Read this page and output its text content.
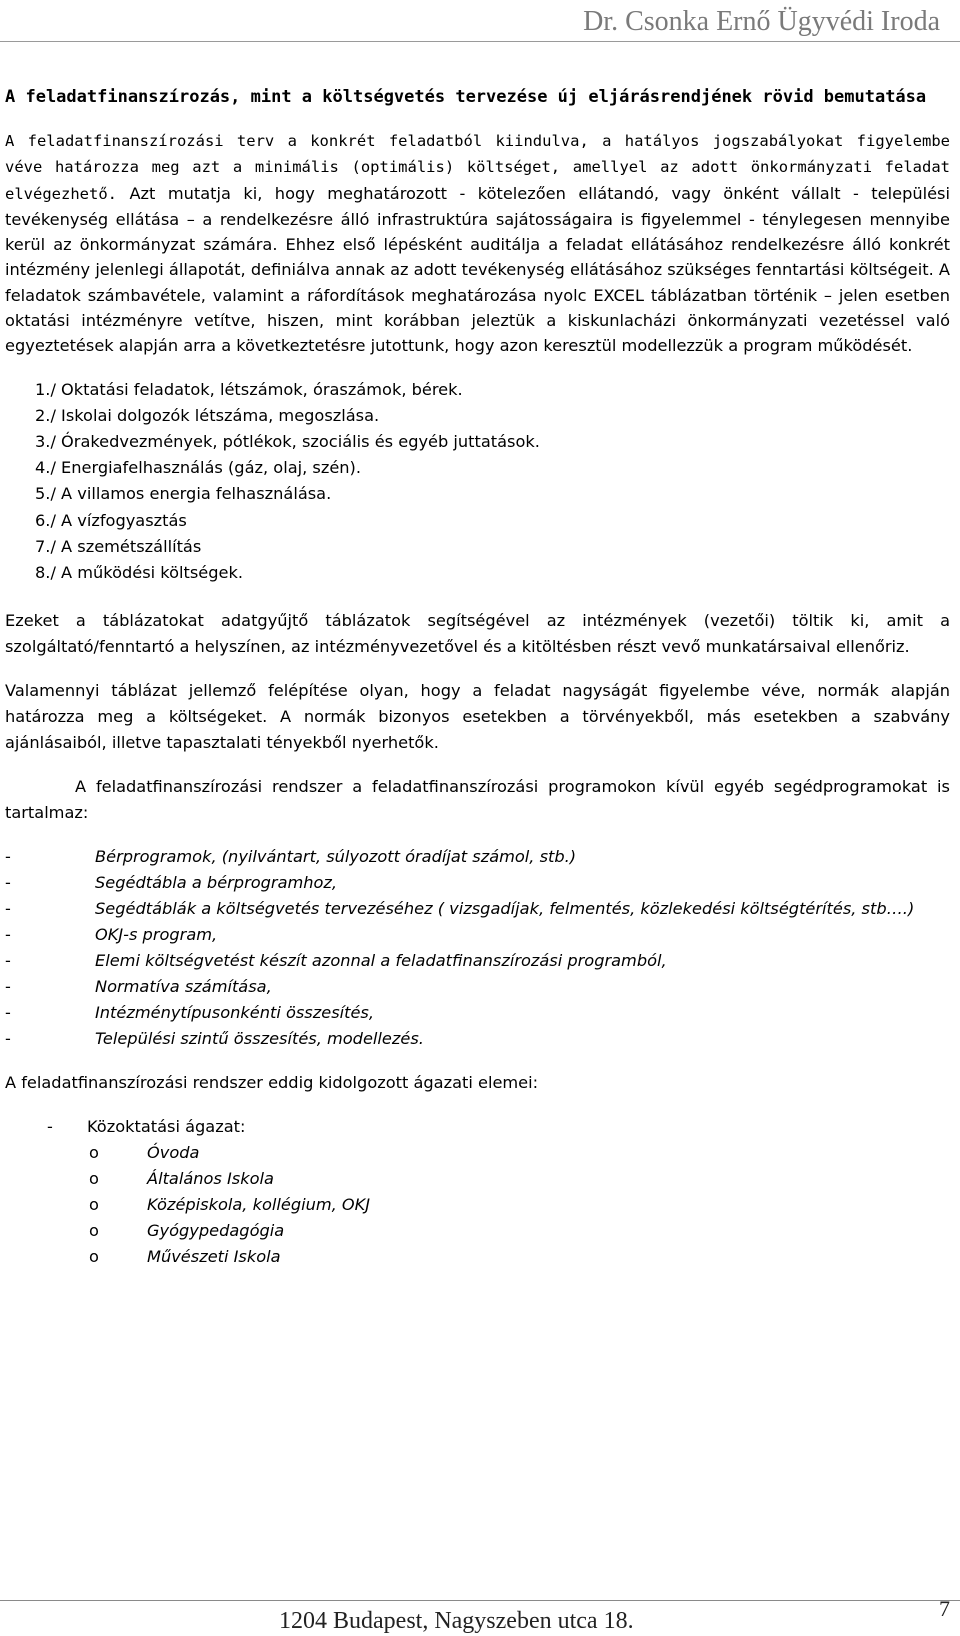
Dr. Csonka Ernő Ügyvédi Iroda
A feladatfinanszírozás, mint a költségvetés tervezése új eljárásrendjének rövid bemutatása
A feladatfinanszírozási terv a konkrét feladatból kiindulva, a hatályos jogszabályokat figyelembe véve határozza meg azt a minimális (optimális) költséget, amellyel az adott önkormányzati feladat elvégezhető. Azt mutatja ki, hogy meghatározott - kötelezően ellátandó, vagy önként vállalt - települési tevékenység ellátása – a rendelkezésre álló infrastruktúra sajátosságaira is figyelemmel - ténylegesen mennyibe kerül az önkormányzat számára. Ehhez első lépésként auditálja a feladat ellátásához rendelkezésre álló konkrét intézmény jelenlegi állapotát, definiálva annak az adott tevékenység ellátásához szükséges fenntartási költségeit. A feladatok számbavétele, valamint a ráfordítások meghatározása nyolc EXCEL táblázatban történik – jelen esetben oktatási intézményre vetítve, hiszen, mint korábban jeleztük a kiskunlacházi önkormányzati vezetéssel való egyeztetések alapján arra a következtetésre jutottunk, hogy azon keresztül modellezzük a program működését.
1./ Oktatási feladatok, létszámok, óraszámok, bérek.
2./ Iskolai dolgozók létszáma, megoszlása.
3./ Órakedvezmények, pótlékok, szociális és egyéb juttatások.
4./ Energiafelhasználás (gáz, olaj, szén).
5./ A villamos energia felhasználása.
6./ A vízfogyasztás
7./ A szemétszállítás
8./ A működési költségek.
Ezeket a táblázatokat adatgyűjtő táblázatok segítségével az intézmények (vezetői) töltik ki, amit a szolgáltató/fenntartó a helyszínen, az intézményvezetővel és a kitöltésben részt vevő munkatársaival ellenőriz.
Valamennyi táblázat jellemző felépítése olyan, hogy a feladat nagyságát figyelembe véve, normák alapján határozza meg a költségeket. A normák bizonyos esetekben a törvényekből, más esetekben a szabvány ajánlásaiból, illetve tapasztalati tényekből nyerhetők.
A feladatfinanszírozási rendszer a feladatfinanszírozási programokon kívül egyéb segédprogramokat is tartalmaz:
-	Bérprogramok, (nyilvántart, súlyozott óradíjat számol, stb.)
-	Segédtábla a bérprogramhoz,
-	Segédtáblák a költségvetés tervezéséhez ( vizsgadíjak, felmentés, közlekedési költségtérítés, stb….)
-	OKJ-s program,
-	Elemi költségvetést készít azonnal a feladatfinanszírozási programból,
-	Normatíva számítása,
-	Intézménytípusonkénti összesítés,
-	Települési szintű összesítés, modellezés.
A feladatfinanszírozási rendszer eddig kidolgozott ágazati elemei:
- Közoktatási ágazat:
o	Óvoda
o	Általános Iskola
o	Középiskola, kollégium, OKJ
o	Gyógypedagógia
o	Művészeti Iskola
1204 Budapest, Nagyszeben utca 18.	7
